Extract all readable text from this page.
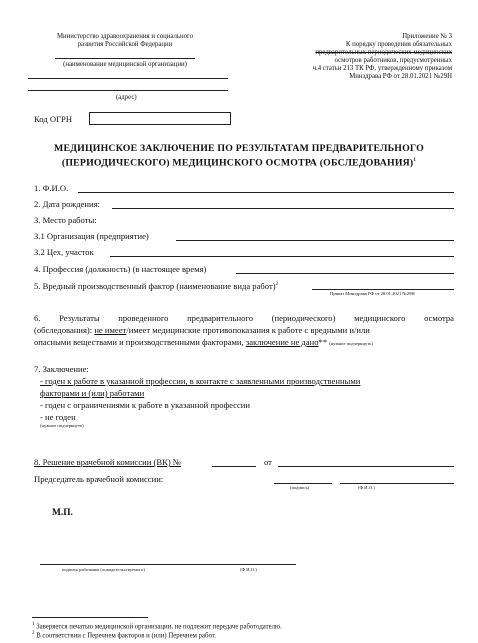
Министерство здравоохранения и социального
развития Российской Федерации
(наименование медицинской организации)
(адрес)
Код ОГРН
Приложение № 3
К порядку проведения обязательных
предварительных периодических медицинских
осмотров работников, предусмотренных
ч.4 статьи 213 ТК РФ, утвержденному приказом
Минздрава РФ от 28.01.2021 №29Н
МЕДИЦИНСКОЕ ЗАКЛЮЧЕНИЕ ПО РЕЗУЛЬТАТАМ ПРЕДВАРИТЕЛЬНОГО
(ПЕРИОДИЧЕСКОГО) МЕДИЦИНСКОГО ОСМОТРА (ОБСЛЕДОВАНИЯ)$^1$
1. Ф.И.О.
2. Дата рождения:
3. Место работы:
3.1 Организация (предприятие)
3.2 Цех, участок
4. Профессия (должность) (в настоящее время)
5. Вредный производственный фактор (наименование вида работ)$^2$
Приказ Минздрава РФ от 28.01.2021 №29Н
6. Результаты проведенного предварительного (периодического) медицинского осмотра
(обследования): не имеет/имеет медицинские противопоказания к работе с вредными и/или
опасными веществами и производственными факторами, заключение не дано** (нужное подчеркнуть)
7. Заключение:
- годен к работе в указанной профессии, в контакте с заявленными производственными
факторами и (или) работами
- годен с ограничениями к работе в указанной профессии
- не годен
(нужное подчеркнуть)
8. Решение врачебной комиссии (ВК) №	от
Председатель врачебной комиссии:
(подпись)	(Ф.И.О.)
М.П.
подпись работника (освидетельствуемого)	(Ф.И.О.)
$^1$ Заверяется печатью медицинской организации, не подлежит передаче работодателю.
$^2$ В соответствии с Перечнем факторов и (или) Перечнем работ.
